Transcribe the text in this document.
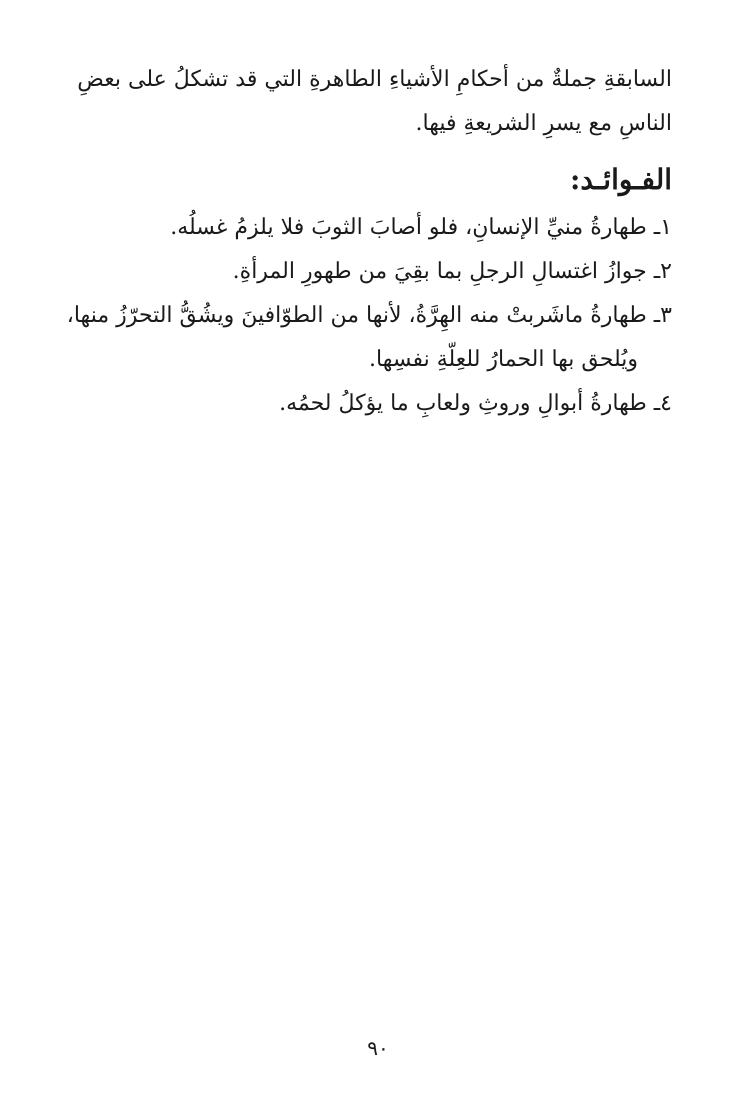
السابقةِ جملةٌ من أحكامِ الأشياءِ الطاهرةِ التي قد تشكلُ على بعضِ

الناسِ مع يسرِ الشريعةِ فيها.

الفـوائـد:

١ـ طهارةُ منيِّ الإنسانِ، فلو أصابَ الثوبَ فلا يلزمُ غسلُه.

٢ـ جوازُ اغتسالِ الرجلِ بما بقِيَ من طهورِ المرأةِ.

٣ـ طهارةُ ماشَربتْ منه الهِرَّةُ، لأنها من الطوّافينَ ويشُقُّ التحرّزُ منها،

ويُلحق بها الحمارُ للعِلّةِ نفسِها.

٤ـ طهارةُ أبوالِ وروثِ ولعابِ ما يؤكلُ لحمُه.

٩٠
